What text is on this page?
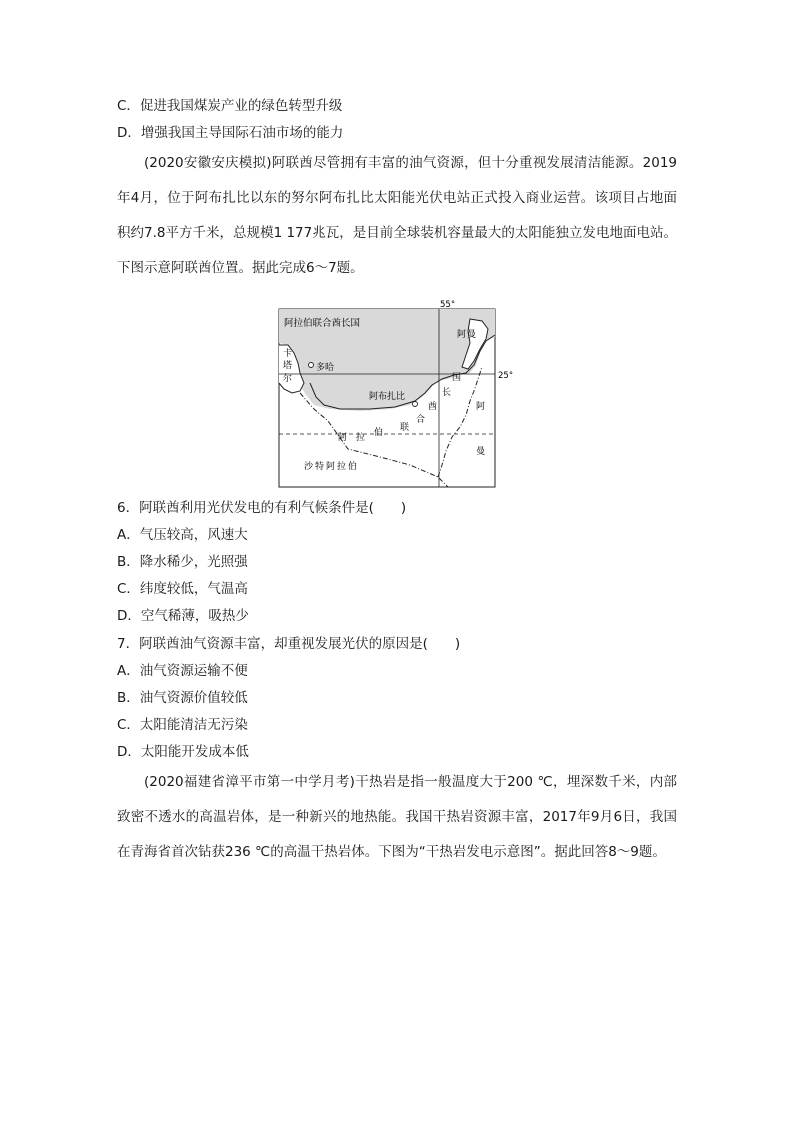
C．促进我国煤炭产业的绿色转型升级
D．增强我国主导国际石油市场的能力
(2020安徽安庆模拟)阿联酋尽管拥有丰富的油气资源，但十分重视发展清洁能源。2019年4月，位于阿布扎比以东的努尔阿布扎比太阳能光伏电站正式投入商业运营。该项目占地面积约7.8平方千米，总规模1 177兆瓦，是目前全球装机容量最大的太阳能独立发电地面电站。下图示意阿联酋位置。据此完成6～7题。
55°
25°
阿拉伯联合酋长国
卡
塔
尔
多哈
阿布扎比
阿 曼
国
长
酋
合
联
阿 拉 伯
沙特阿拉伯
阿
曼
6．阿联酋利用光伏发电的有利气候条件是(　　)
A．气压较高，风速大
B．降水稀少，光照强
C．纬度较低，气温高
D．空气稀薄，吸热少
7．阿联酋油气资源丰富，却重视发展光伏的原因是(　　)
A．油气资源运输不便
B．油气资源价值较低
C．太阳能清洁无污染
D．太阳能开发成本低
(2020福建省漳平市第一中学月考)干热岩是指一般温度大于200 ℃，埋深数千米，内部致密不透水的高温岩体，是一种新兴的地热能。我国干热岩资源丰富，2017年9月6日，我国在青海省首次钻获236 ℃的高温干热岩体。下图为“干热岩发电示意图”。据此回答8～9题。
